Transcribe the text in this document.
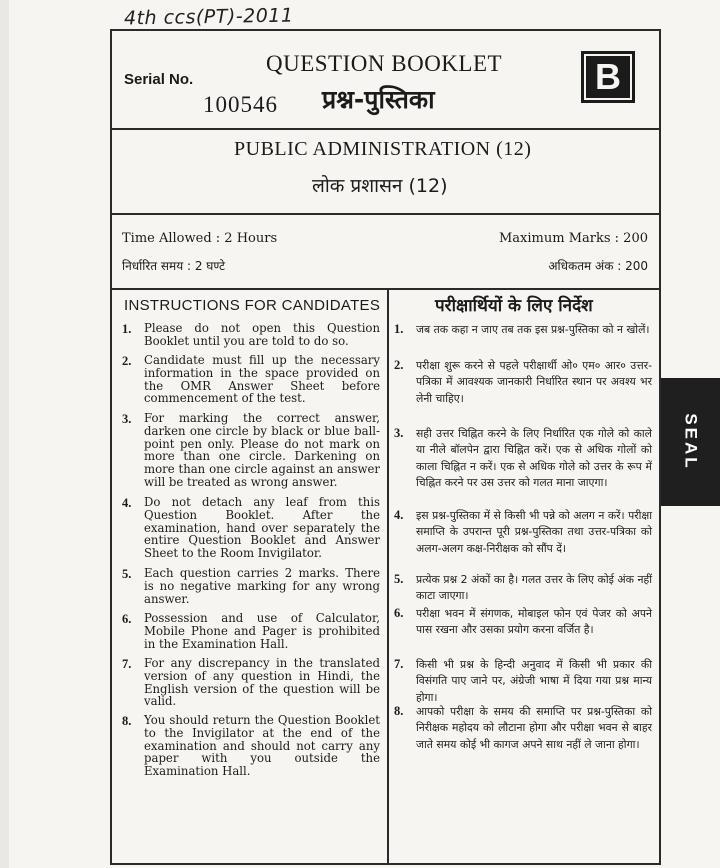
4th ccs(PT)-2011
Serial No.
100546
QUESTION BOOKLET
प्रश्न-पुस्तिका
B
PUBLIC ADMINISTRATION (12)
लोक प्रशासन (12)
Time Allowed : 2 Hours
निर्धारित समय : 2 घण्टे
Maximum Marks : 200
अधिकतम अंक : 200
INSTRUCTIONS FOR CANDIDATES	परीक्षार्थियों के लिए निर्देश
1. Please do not open this Question Booklet until you are told to do so.
2. Candidate must fill up the necessary information in the space provided on the OMR Answer Sheet before commencement of the test.
3. For marking the correct answer, darken one circle by black or blue ball-point pen only. Please do not mark on more than one circle. Darkening on more than one circle against an answer will be treated as wrong answer.
4. Do not detach any leaf from this Question Booklet. After the examination, hand over separately the entire Question Booklet and Answer Sheet to the Room Invigilator.
5. Each question carries 2 marks. There is no negative marking for any wrong answer.
6. Possession and use of Calculator, Mobile Phone and Pager is prohibited in the Examination Hall.
7. For any discrepancy in the translated version of any question in Hindi, the English version of the question will be valid.
8. You should return the Question Booklet to the Invigilator at the end of the examination and should not carry any paper with you outside the Examination Hall.
1. जब तक कहा न जाए तब तक इस प्रश्न-पुस्तिका को न खोलें।
2. परीक्षा शुरू करने से पहले परीक्षार्थी ओ० एम० आर० उत्तर-पत्रिका में आवश्यक जानकारी निर्धारित स्थान पर अवश्य भर लेनी चाहिए।
3. सही उत्तर चिह्नित करने के लिए निर्धारित एक गोले को काले या नीले बॉलपेन द्वारा चिह्नित करें। एक से अधिक गोलों को काला चिह्नित न करें। एक से अधिक गोले को उत्तर के रूप में चिह्नित करने पर उस उत्तर को गलत माना जाएगा।
4. इस प्रश्न-पुस्तिका में से किसी भी पन्ने को अलग न करें। परीक्षा समाप्ति के उपरान्त पूरी प्रश्न-पुस्तिका तथा उत्तर-पत्रिका को अलग-अलग कक्ष-निरीक्षक को सौंप दें।
5. प्रत्येक प्रश्न 2 अंकों का है। गलत उत्तर के लिए कोई अंक नहीं काटा जाएगा।
6. परीक्षा भवन में संगणक, मोबाइल फोन एवं पेजर को अपने पास रखना और उसका प्रयोग करना वर्जित है।
7. किसी भी प्रश्न के हिन्दी अनुवाद में किसी भी प्रकार की विसंगति पाए जाने पर, अंग्रेजी भाषा में दिया गया प्रश्न मान्य होगा।
8. आपको परीक्षा के समय की समाप्ति पर प्रश्न-पुस्तिका को निरीक्षक महोदय को लौटाना होगा और परीक्षा भवन से बाहर जाते समय कोई भी कागज अपने साथ नहीं ले जाना होगा।
SEAL
